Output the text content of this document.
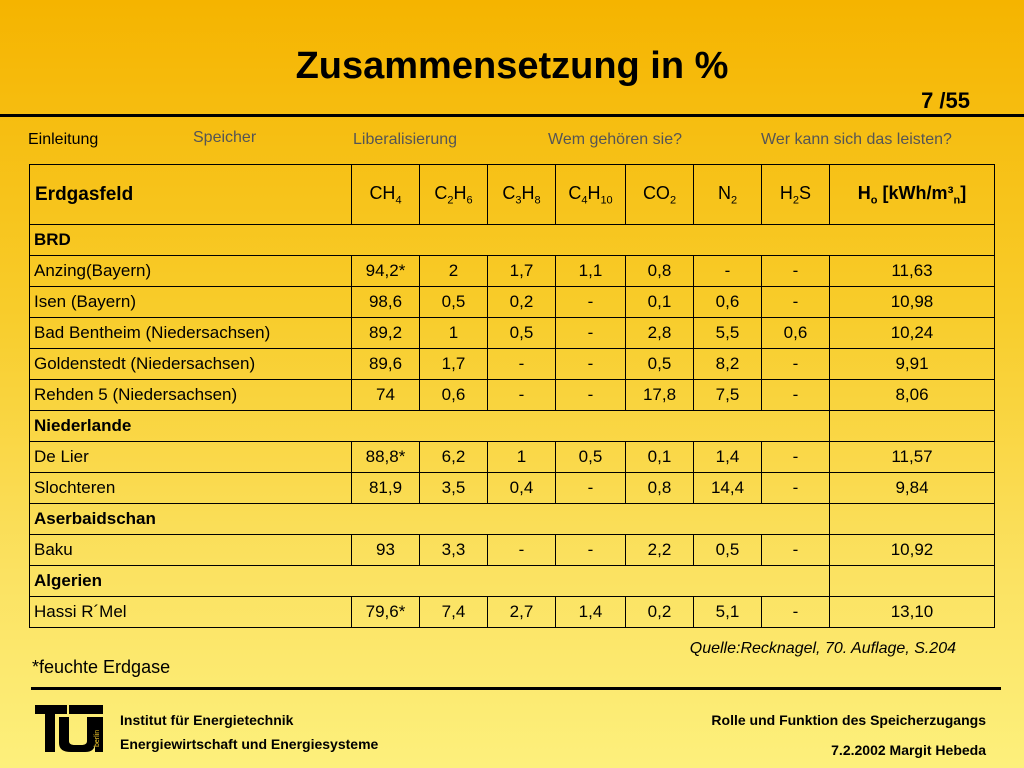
Zusammensetzung in %
7 /55
Einleitung	Speicher	Liberalisierung	Wem gehören sie?	Wer kann sich das leisten?
Erdgasfeld	$CH_4$	$C_2H_6$	$C_3H_8$	$C_4H_{10}$	$CO_2$	$N_2$	$H_2S$	$H_o$ $[kWh/m^3_n]$
BRD								
Anzing(Bayern)	94,2*	2	1,7	1,1	0,8	-	-	11,63
Isen (Bayern)	98,6	0,5	0,2	-	0,1	0,6	-	10,98
Bad Bentheim (Niedersachsen)	89,2	1	0,5	-	2,8	5,5	0,6	10,24
Goldenstedt (Niedersachsen)	89,6	1,7	-	-	0,5	8,2	-	9,91
Rehden 5 (Niedersachsen)	74	0,6	-	-	17,8	7,5	-	8,06
Niederlande								
De Lier	88,8*	6,2	1	0,5	0,1	1,4	-	11,57
Slochteren	81,9	3,5	0,4	-	0,8	14,4	-	9,84
Aserbaidschan								
Baku	93	3,3	-	-	2,2	0,5	-	10,92
Algerien								
Hassi R´Mel	79,6*	7,4	2,7	1,4	0,2	5,1	-	13,10
Quelle:Recknagel, 70. Auflage, S.204
*feuchte Erdgase
berlin
Institut für Energietechnik
Energiewirtschaft und Energiesysteme
Rolle und Funktion des Speicherzugangs
7.2.2002 Margit Hebeda
